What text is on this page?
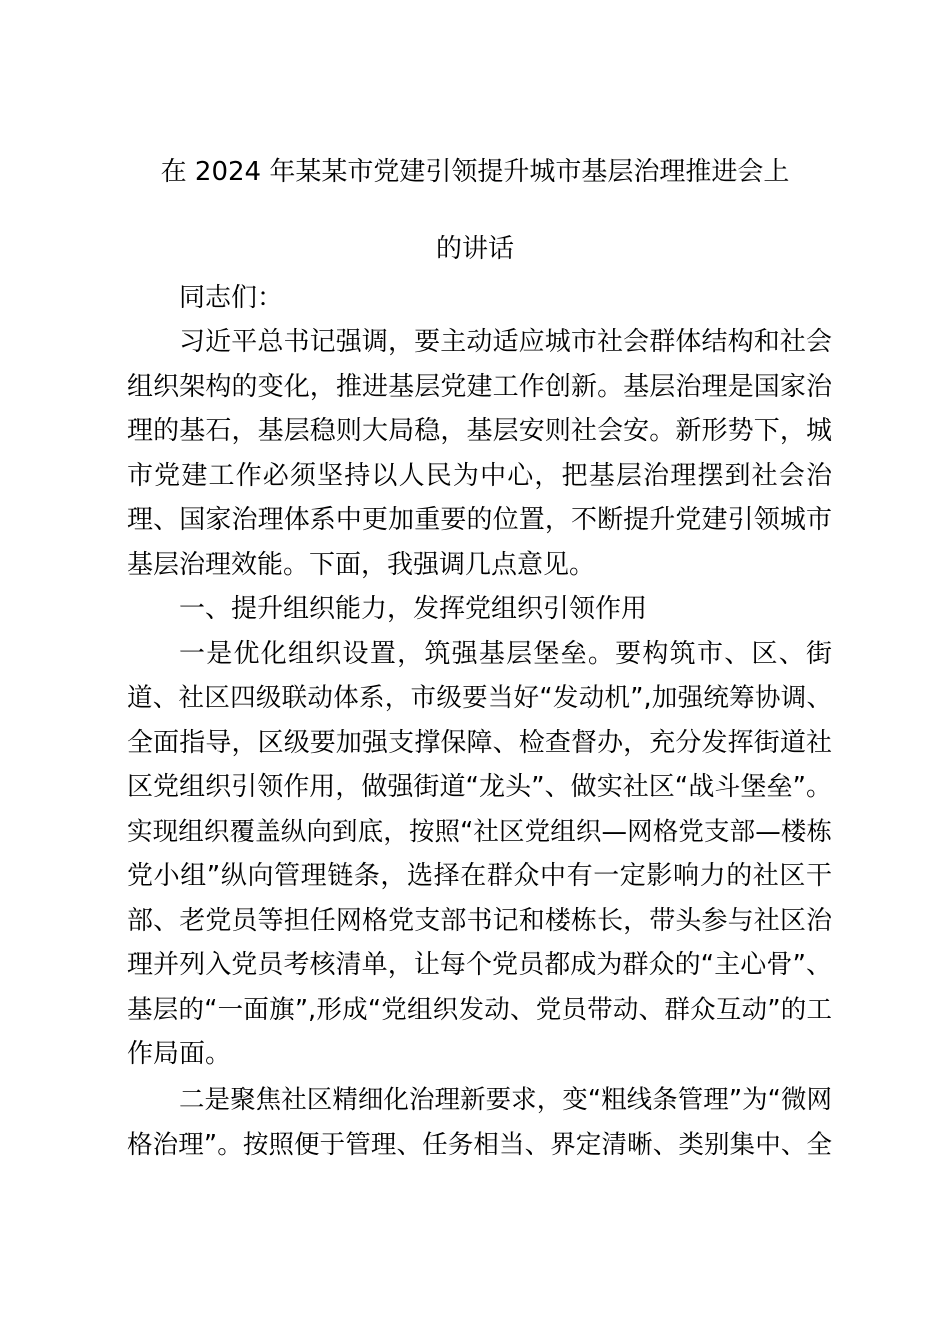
在 2024 年某某市党建引领提升城市基层治理推进会上
的讲话
同志们：
习近平总书记强调，要主动适应城市社会群体结构和社会
组织架构的变化，推进基层党建工作创新。基层治理是国家治
理的基石，基层稳则大局稳，基层安则社会安。新形势下，城
市党建工作必须坚持以人民为中心，把基层治理摆到社会治
理、国家治理体系中更加重要的位置，不断提升党建引领城市
基层治理效能。下面，我强调几点意见。
一、提升组织能力，发挥党组织引领作用
一是优化组织设置，筑强基层堡垒。要构筑市、区、街
道、社区四级联动体系，市级要当好“发动机”,加强统筹协调、
全面指导，区级要加强支撑保障、检查督办，充分发挥街道社
区党组织引领作用，做强街道“龙头”、做实社区“战斗堡垒”。
实现组织覆盖纵向到底，按照“社区党组织—网格党支部—楼栋
党小组”纵向管理链条，选择在群众中有一定影响力的社区干
部、老党员等担任网格党支部书记和楼栋长，带头参与社区治
理并列入党员考核清单，让每个党员都成为群众的“主心骨”、
基层的“一面旗”,形成“党组织发动、党员带动、群众互动”的工
作局面。
二是聚焦社区精细化治理新要求，变“粗线条管理”为“微网
格治理”。按照便于管理、任务相当、界定清晰、类别集中、全
